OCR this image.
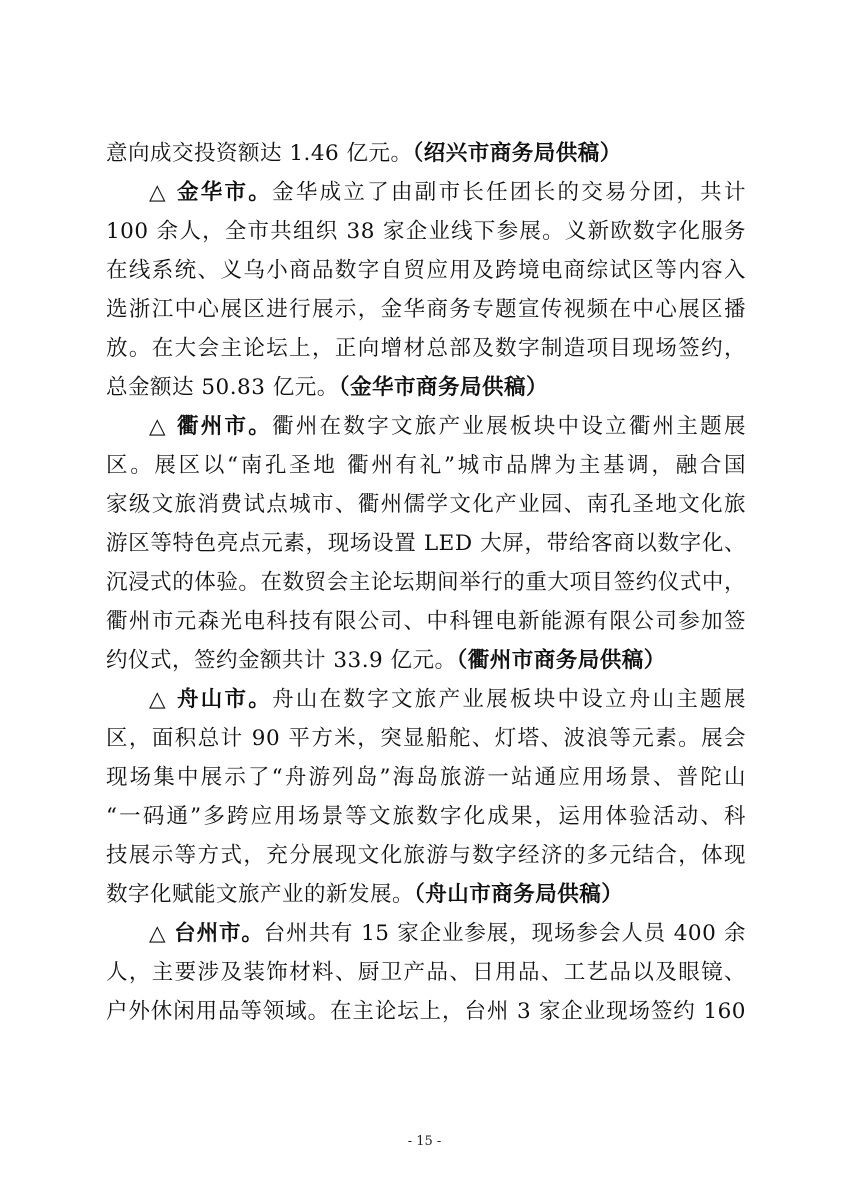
意向成交投资额达 1.46 亿元。（绍兴市商务局供稿）
△ 金华市。金华成立了由副市长任团长的交易分团，共计
100 余人，全市共组织 38 家企业线下参展。义新欧数字化服务
在线系统、义乌小商品数字自贸应用及跨境电商综试区等内容入
选浙江中心展区进行展示，金华商务专题宣传视频在中心展区播
放。在大会主论坛上，正向增材总部及数字制造项目现场签约，
总金额达 50.83 亿元。（金华市商务局供稿）
△ 衢州市。衢州在数字文旅产业展板块中设立衢州主题展
区。展区以“南孔圣地 衢州有礼”城市品牌为主基调，融合国
家级文旅消费试点城市、衢州儒学文化产业园、南孔圣地文化旅
游区等特色亮点元素，现场设置 LED 大屏，带给客商以数字化、
沉浸式的体验。在数贸会主论坛期间举行的重大项目签约仪式中，
衢州市元森光电科技有限公司、中科锂电新能源有限公司参加签
约仪式，签约金额共计 33.9 亿元。（衢州市商务局供稿）
△ 舟山市。舟山在数字文旅产业展板块中设立舟山主题展
区，面积总计 90 平方米，突显船舵、灯塔、波浪等元素。展会
现场集中展示了“舟游列岛”海岛旅游一站通应用场景、普陀山
“一码通”多跨应用场景等文旅数字化成果，运用体验活动、科
技展示等方式，充分展现文化旅游与数字经济的多元结合，体现
数字化赋能文旅产业的新发展。（舟山市商务局供稿）
△ 台州市。台州共有 15 家企业参展，现场参会人员 400 余
人，主要涉及装饰材料、厨卫产品、日用品、工艺品以及眼镜、
户外休闲用品等领域。在主论坛上，台州 3 家企业现场签约 160
- 15 -
